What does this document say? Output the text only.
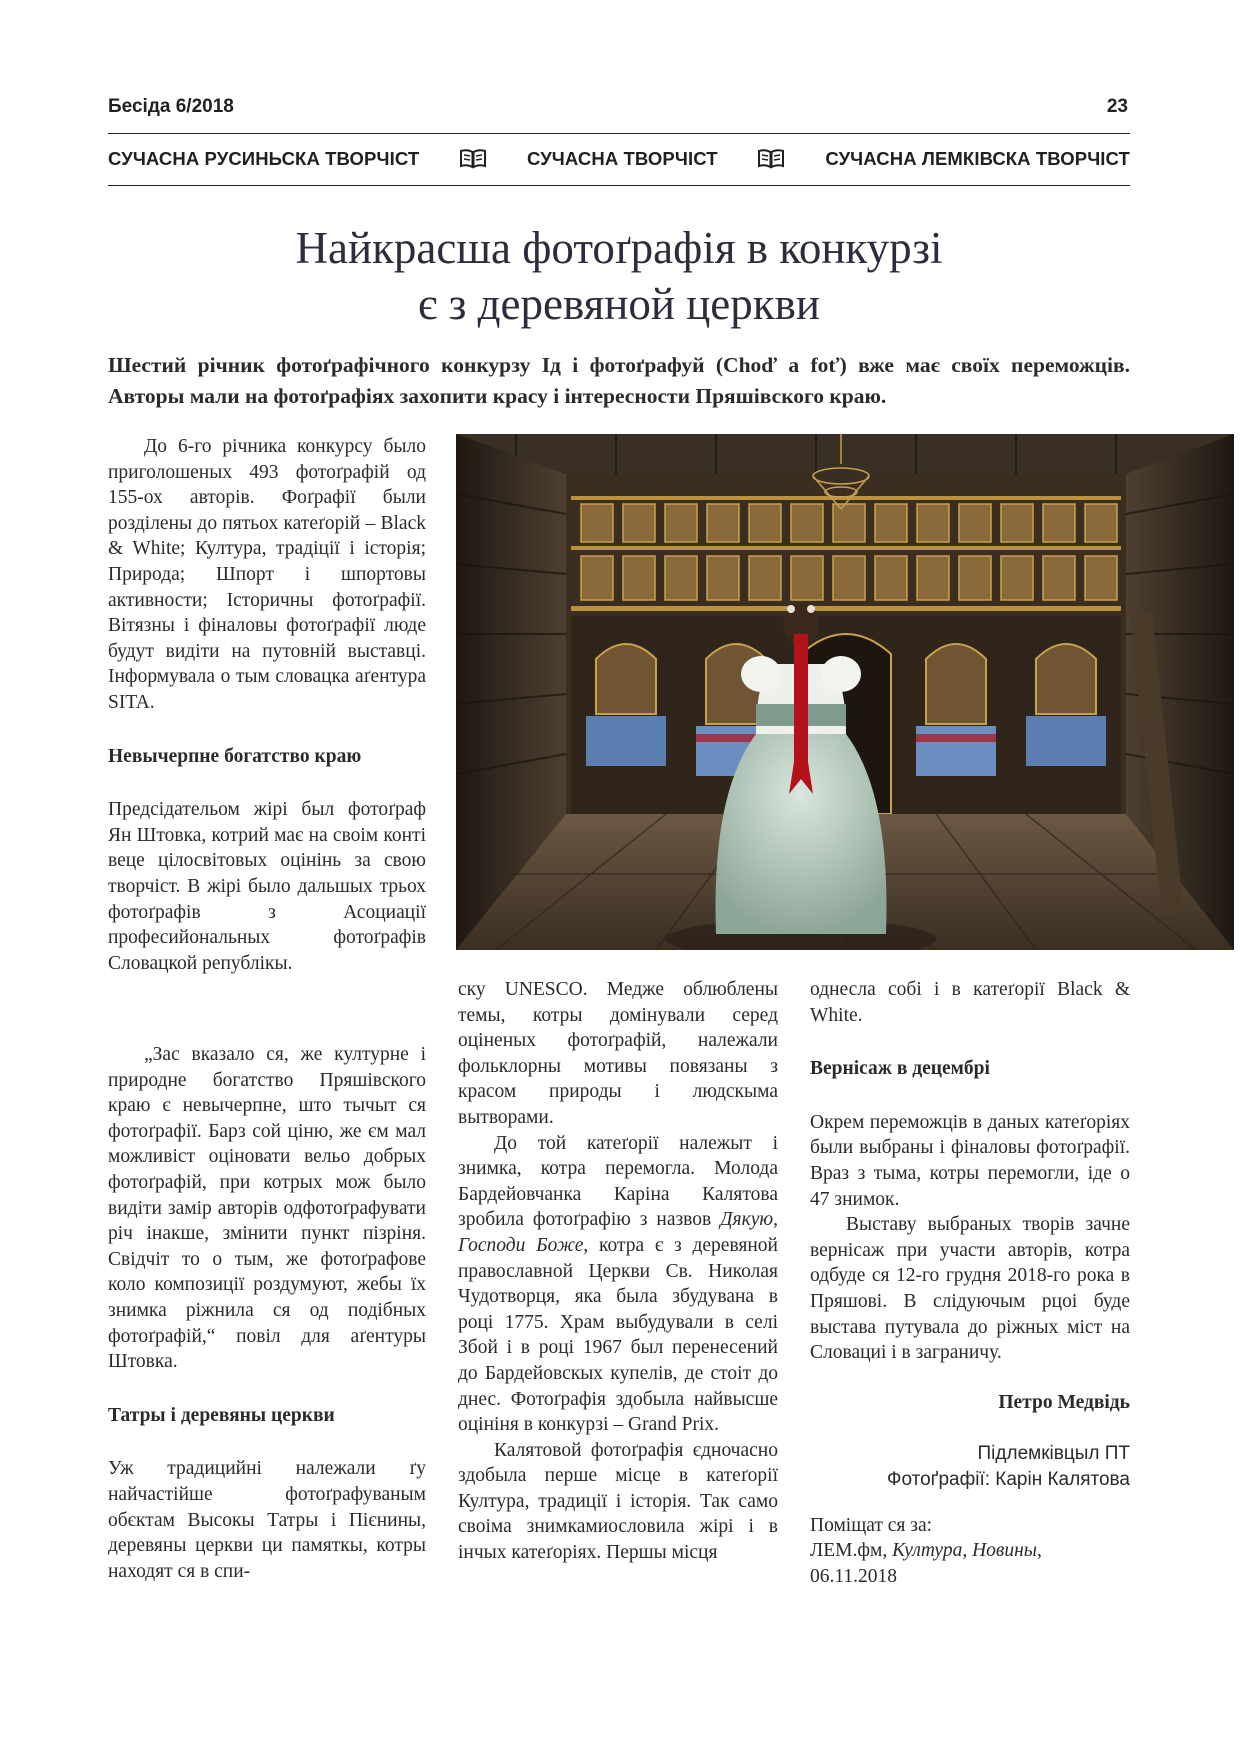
Бесіда 6/2018	23
СУЧАСНА РУСИНЬСКА ТВОРЧІСТ	СУЧАСНА ТВОРЧІСТ	СУЧАСНА ЛЕМКІВСКА ТВОРЧІСТ
Найкрасша фотоґрафія в конкурзі
є з деревяной церкви
Шестий річник фотоґрафічного конкурзу Ід і фотоґрафуй (Choď a foť) вже має своїх переможців. Авторы мали на фотоґрафіях захопити красу і інтересности Пряшівского краю.

До 6-го річника конкурсу было приголошеных 493 фотоґрафій од 155-ох авторів. Фоґрафії были розділены до пятьох катеґорій – Black & White; Култура, традіції і історія; Природа; Шпорт і шпортовы активности; Історичны фотоґрафії. Вітязны і фіналовы фотоґрафії люде будут видіти на путовній выставці. Інформувала о тым словацка аґентура SITA.

Невычерпне богатство краю

Предсідательом жірі был фотоґраф Ян Штовка, котрий має на своім конті веце цілосвітовых оцінінь за свою творчіст. В жірі было дальшых трьох фотоґрафів з Асоциації професийональных фотоґрафів Словацкой републікы.

„Зас вказало ся, же културне і природне богатство Пряшівского краю є невычерпне, што тычыт ся фотоґрафії. Барз сой ціню, же єм мал можливіст оціновати вельо добрых фотоґрафій, при котрых мож было видіти замір авторів одфотоґрафувати річ інакше, змінити пункт пізріня. Свідчіт то о тым, же фотоґрафове коло композиції роздумуют, жебы їх знимка ріжнила ся од подібных фотоґрафій,“ повіл для аґентуры Штовка.

Татры і деревяны церкви

Уж традицийні належали ґу найчастійше фотоґрафуваным обєктам Высокы Татры і Пієнины, деревяны церкви ци памяткы, котры находят ся в спи-

ску UNESCO. Медже облюблены темы, котры домінували серед оціненых фотоґрафій, належали фольклорны мотивы повязаны з красом природы і людскыма вытворами.

До той катеґорії належыт і знимка, котра перемогла. Молода Бардейовчанка Каріна Калятова зробила фотоґрафію з назвов Дякую, Господи Боже, котра є з деревяной православной Церкви Св. Николая Чудотворця, яка была збудувана в році 1775. Храм выбудували в селі Збой і в році 1967 был перенесений до Бардейовскых купелів, де стоіт до днес. Фотоґрафія здобыла найвысше оцініня в конкурзі – Grand Prix.

Калятовой фотоґрафія єдночасно здобыла перше місце в катеґорії Култура, традиції і історія. Так само своіма знимкамиословила жірі і в інчых катеґоріях. Першы місця

однесла собі і в катеґорії Black & White.

Вернісаж в децембрі

Окрем переможців в даных катеґоріях были выбраны і фіналовы фотоґрафії. Враз з тыма, котры перемогли, іде о 47 знимок.

Выставу выбраных творів зачне вернісаж при участи авторів, котра одбуде ся 12-го грудня 2018-го рока в Пряшові. В слідуючым рцоі буде выстава путувала до ріжных міст на Словациі і в заграничу.

Петро Медвідь

Підлемківцыл ПТ

Фотоґрафії: Карін Калятова

Поміщат ся за:

ЛЕМ.фм, Култура, Новины,

06.11.2018
